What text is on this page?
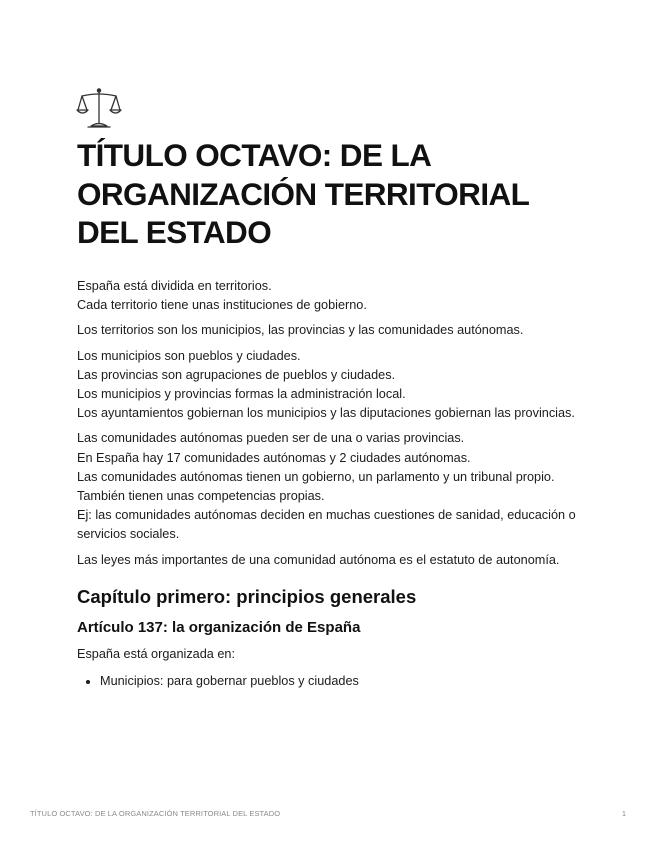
TÍTULO OCTAVO: DE LA ORGANIZACIÓN TERRITORIAL DEL ESTADO
España está dividida en territorios.
Cada territorio tiene unas instituciones de gobierno.
Los territorios son los municipios, las provincias y las comunidades autónomas.
Los municipios son pueblos y ciudades.
Las provincias son agrupaciones de pueblos y ciudades.
Los municipios y provincias formas la administración local.
Los ayuntamientos gobiernan los municipios y las diputaciones gobiernan las provincias.
Las comunidades autónomas pueden ser de una o varias provincias.
En España hay 17 comunidades autónomas y 2 ciudades autónomas.
Las comunidades autónomas tienen un gobierno, un parlamento y un tribunal propio.
También tienen unas competencias propias.
Ej: las comunidades autónomas deciden en muchas cuestiones de sanidad, educación o servicios sociales.
Las leyes más importantes de una comunidad autónoma es el estatuto de autonomía.
Capítulo primero: principios generales
Artículo 137: la organización de España
España está organizada en:
• Municipios: para gobernar pueblos y ciudades
TÍTULO OCTAVO: DE LA ORGANIZACIÓN TERRITORIAL DEL ESTADO	1
